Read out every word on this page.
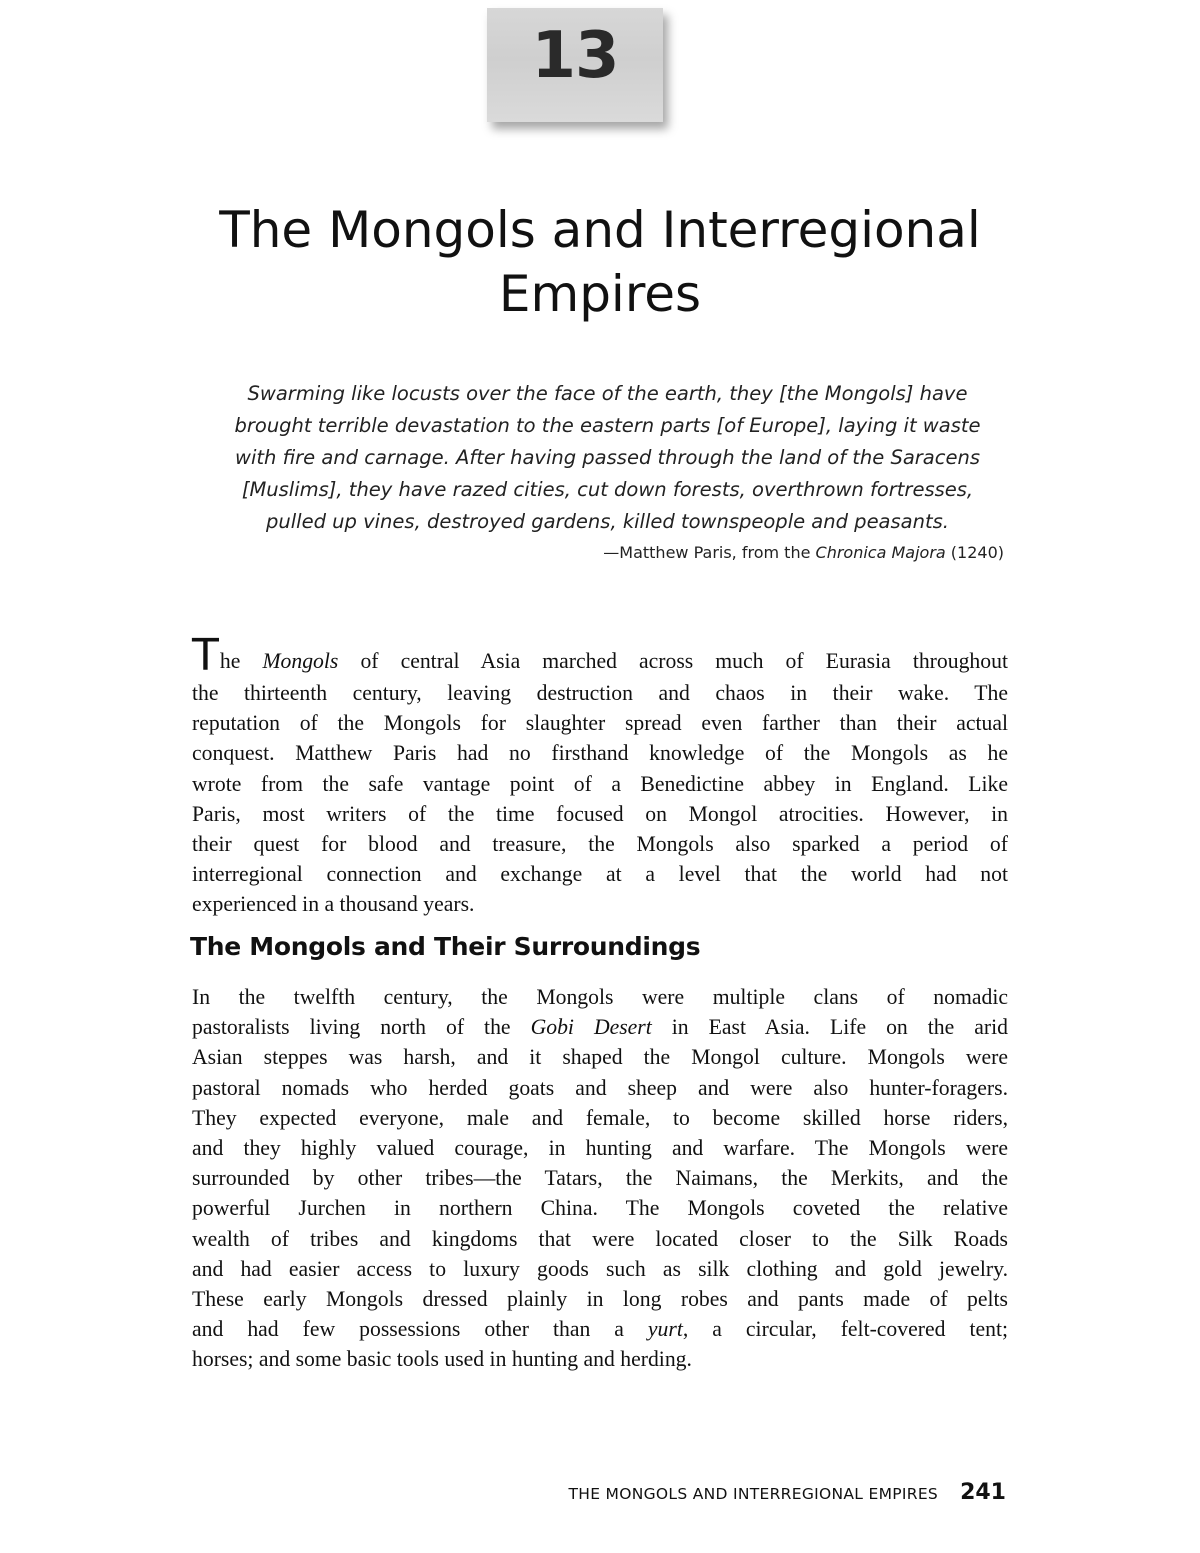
13
The Mongols and Interregional
Empires
Swarming like locusts over the face of the earth, they [the Mongols] have
brought terrible devastation to the eastern parts [of Europe], laying it waste
with fire and carnage. After having passed through the land of the Saracens
[Muslims], they have razed cities, cut down forests, overthrown fortresses,
pulled up vines, destroyed gardens, killed townspeople and peasants.
—Matthew Paris, from the Chronica Majora (1240)
The Mongols of central Asia marched across much of Eurasia throughout
the thirteenth century, leaving destruction and chaos in their wake. The
reputation of the Mongols for slaughter spread even farther than their actual
conquest. Matthew Paris had no firsthand knowledge of the Mongols as he
wrote from the safe vantage point of a Benedictine abbey in England. Like
Paris, most writers of the time focused on Mongol atrocities. However, in
their quest for blood and treasure, the Mongols also sparked a period of
interregional connection and exchange at a level that the world had not
experienced in a thousand years.
The Mongols and Their Surroundings
In the twelfth century, the Mongols were multiple clans of nomadic
pastoralists living north of the Gobi Desert in East Asia. Life on the arid
Asian steppes was harsh, and it shaped the Mongol culture. Mongols were
pastoral nomads who herded goats and sheep and were also hunter-foragers.
They expected everyone, male and female, to become skilled horse riders,
and they highly valued courage, in hunting and warfare. The Mongols were
surrounded by other tribes—the Tatars, the Naimans, the Merkits, and the
powerful Jurchen in northern China. The Mongols coveted the relative
wealth of tribes and kingdoms that were located closer to the Silk Roads
and had easier access to luxury goods such as silk clothing and gold jewelry.
These early Mongols dressed plainly in long robes and pants made of pelts
and had few possessions other than a yurt, a circular, felt-covered tent;
horses; and some basic tools used in hunting and herding.
THE MONGOLS AND INTERREGIONAL EMPIRES 241
